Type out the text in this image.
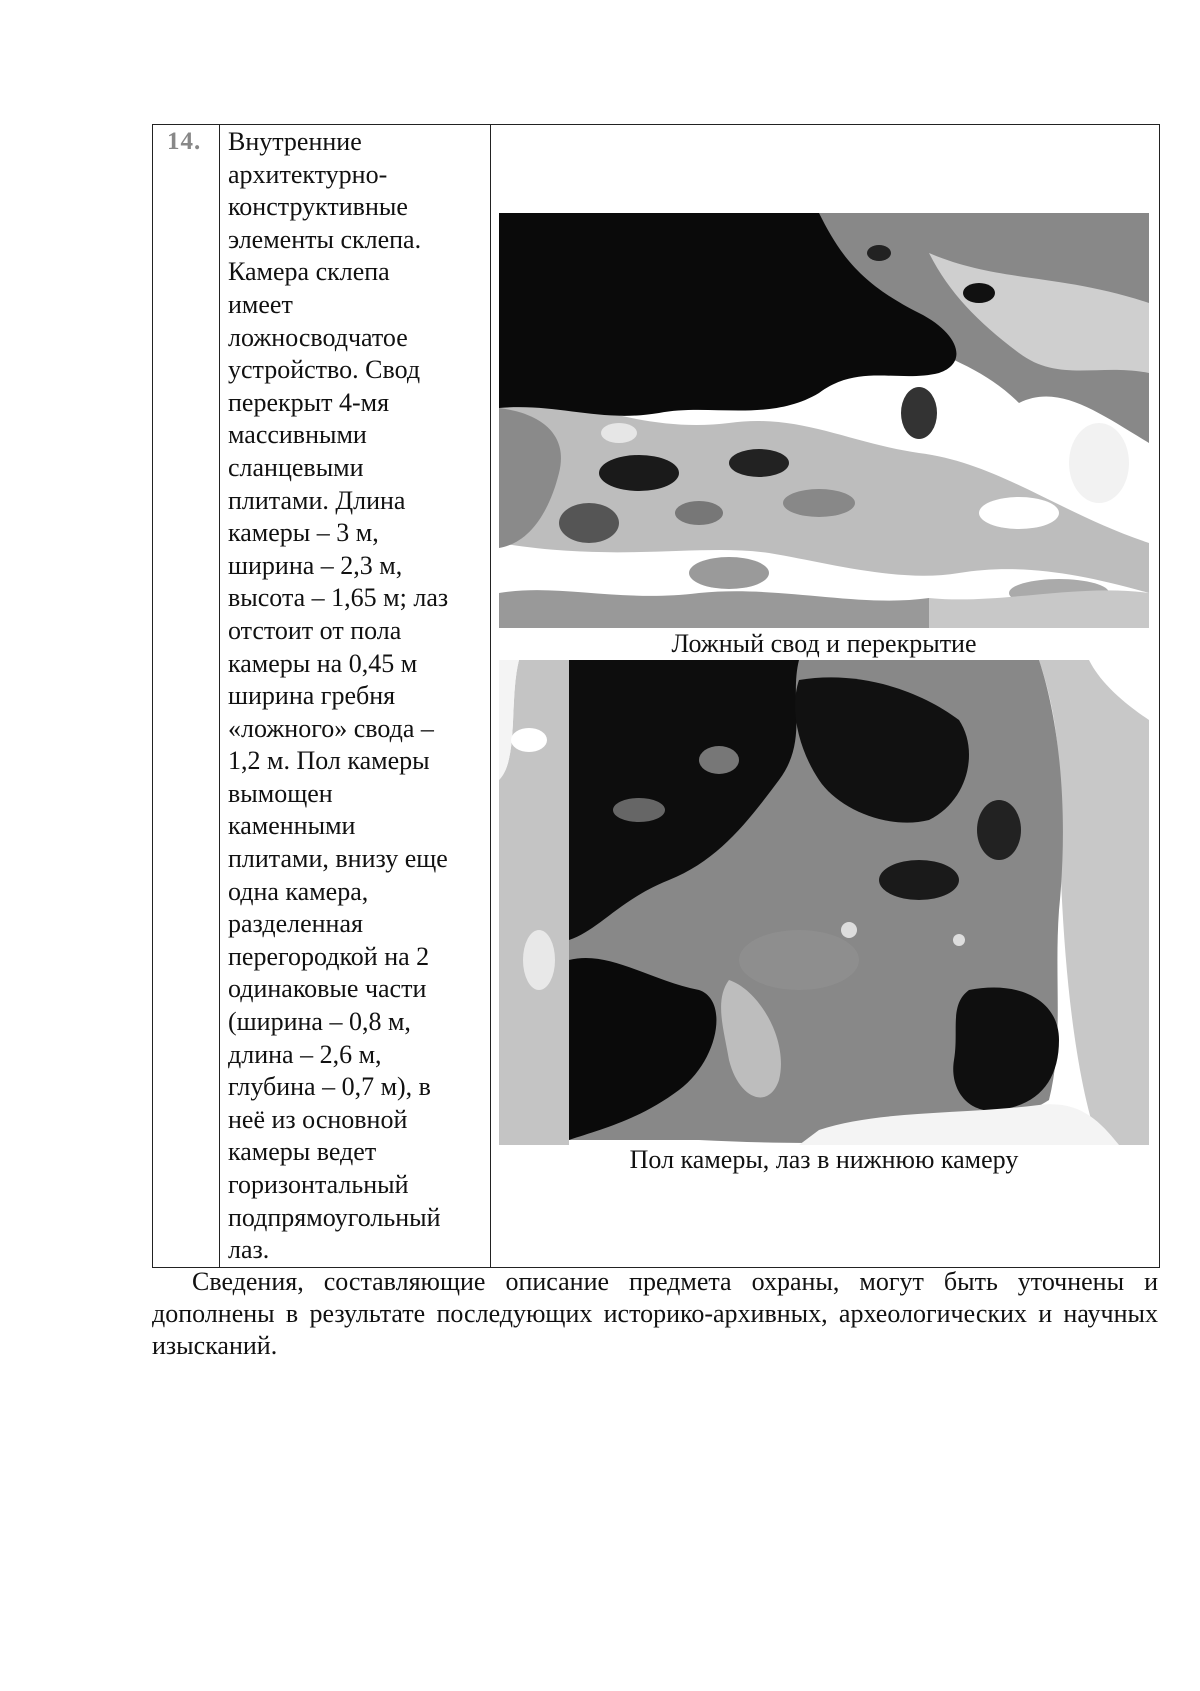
14.	Внутренние
архитектурно-
конструктивные
элементы склепа.
Камера склепа
имеет
ложносводчатое
устройство. Свод
перекрыт 4-мя
массивными
сланцевыми
плитами. Длина
камеры – 3 м,
ширина – 2,3 м,
высота – 1,65 м; лаз
отстоит от пола
камеры на 0,45 м
ширина гребня
«ложного» свода –
1,2 м. Пол камеры
вымощен
каменными
плитами, внизу еще
одна камера,
разделенная
перегородкой на 2
одинаковые части
(ширина – 0,8 м,
длина – 2,6 м,
глубина – 0,7 м), в
неё из основной
камеры ведет
горизонтальный
подпрямоугольный
лаз.

Ложный свод и перекрытие
Пол камеры, лаз в нижнюю камеру

Сведения, составляющие описание предмета охраны, могут быть уточнены и дополнены в результате последующих историко-архивных, археологических и научных изысканий.
